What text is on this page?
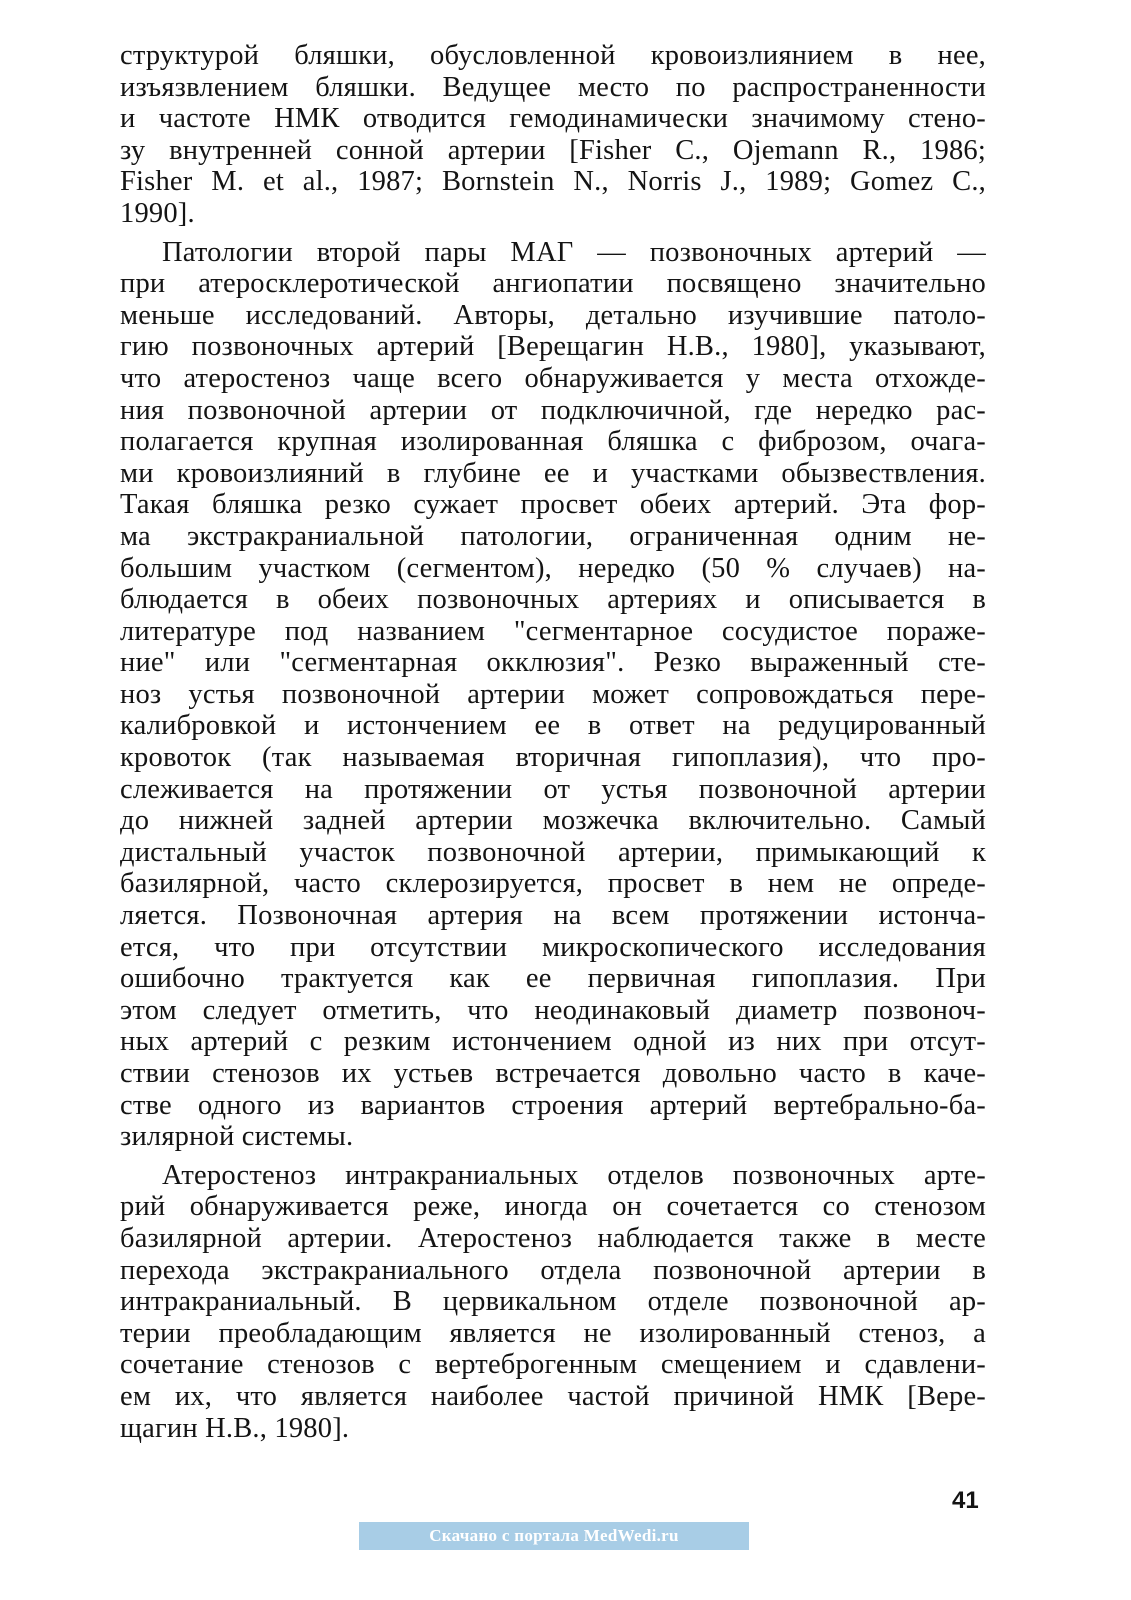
структурой бляшки, обусловленной кровоизлиянием в нее,
изъязвлением бляшки. Ведущее место по распространенности
и частоте НМК отводится гемодинамически значимому стено-
зу внутренней сонной артерии [Fisher С., Ojemann R., 1986;
Fisher M. et al., 1987; Bornstein N., Norris J., 1989; Gomez C.,
1990].
Патологии второй пары МАГ — позвоночных артерий —
при атеросклеротической ангиопатии посвящено значительно
меньше исследований. Авторы, детально изучившие патоло-
гию позвоночных артерий [Верещагин Н.В., 1980], указывают,
что атеростеноз чаще всего обнаруживается у места отхожде-
ния позвоночной артерии от подключичной, где нередко рас-
полагается крупная изолированная бляшка с фиброзом, очага-
ми кровоизлияний в глубине ее и участками обызвествления.
Такая бляшка резко сужает просвет обеих артерий. Эта фор-
ма экстракраниальной патологии, ограниченная одним не-
большим участком (сегментом), нередко (50 % случаев) на-
блюдается в обеих позвоночных артериях и описывается в
литературе под названием "сегментарное сосудистое пораже-
ние" или "сегментарная окклюзия". Резко выраженный сте-
ноз устья позвоночной артерии может сопровождаться пере-
калибровкой и истончением ее в ответ на редуцированный
кровоток (так называемая вторичная гипоплазия), что про-
слеживается на протяжении от устья позвоночной артерии
до нижней задней артерии мозжечка включительно. Самый
дистальный участок позвоночной артерии, примыкающий к
базилярной, часто склерозируется, просвет в нем не опреде-
ляется. Позвоночная артерия на всем протяжении истонча-
ется, что при отсутствии микроскопического исследования
ошибочно трактуется как ее первичная гипоплазия. При
этом следует отметить, что неодинаковый диаметр позвоноч-
ных артерий с резким истончением одной из них при отсут-
ствии стенозов их устьев встречается довольно часто в каче-
стве одного из вариантов строения артерий вертебрально-ба-
зилярной системы.
Атеростеноз интракраниальных отделов позвоночных арте-
рий обнаруживается реже, иногда он сочетается со стенозом
базилярной артерии. Атеростеноз наблюдается также в месте
перехода экстракраниального отдела позвоночной артерии в
интракраниальный. В цервикальном отделе позвоночной ар-
терии преобладающим является не изолированный стеноз, а
сочетание стенозов с вертеброгенным смещением и сдавлени-
ем их, что является наиболее частой причиной НМК [Вере-
щагин Н.В., 1980].
41
Скачано с портала MedWedi.ru
